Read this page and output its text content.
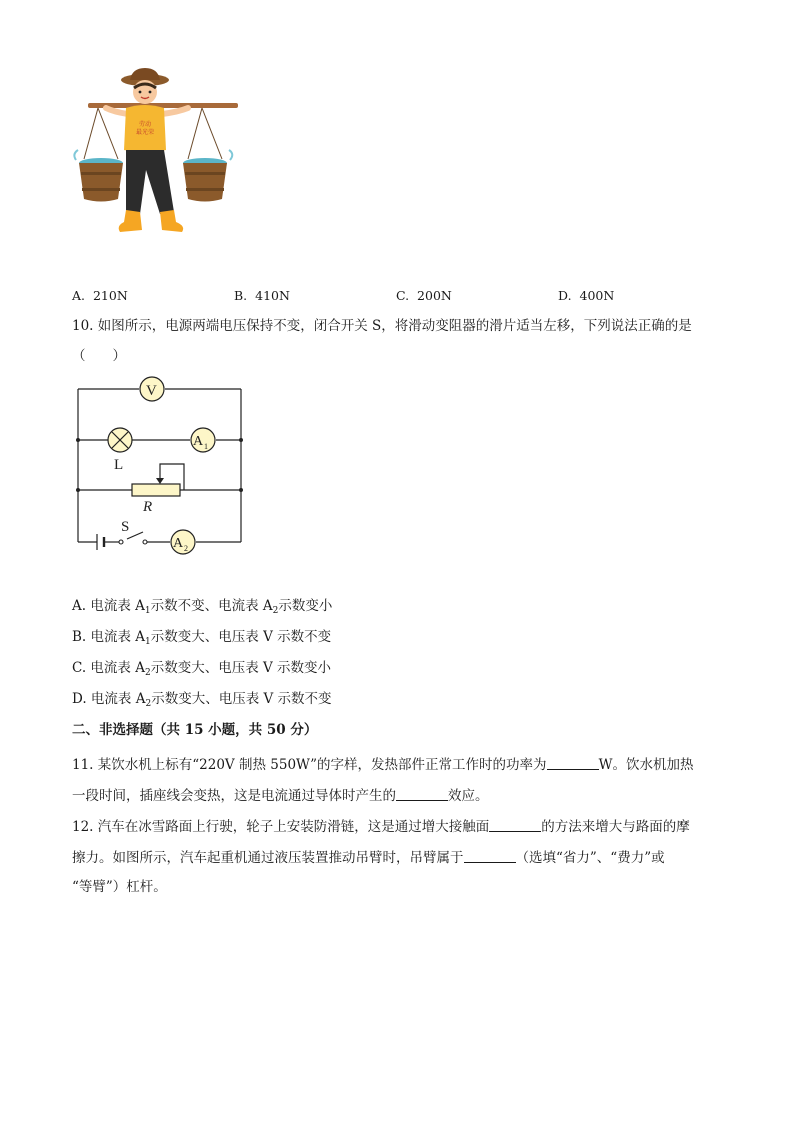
劳动
最光荣
A. 210N	B. 410N	C. 200N	D. 400N
10. 如图所示，电源两端电压保持不变，闭合开关 S，将滑动变阻器的滑片适当左移，下列说法正确的是
（　　）
V
L
A 1
R
S
A 2
A. 电流表 $A_1$示数不变、电流表 $A_2$示数变小
B. 电流表 $A_1$示数变大、电压表 V 示数不变
C. 电流表 $A_2$示数变大、电压表 V 示数变小
D. 电流表 $A_2$示数变大、电压表 V 示数不变
二、非选择题（共 15 小题，共 50 分）
11. 某饮水机上标有“220V 制热 550W”的字样，发热部件正常工作时的功率为	W。饮水机加热
一段时间，插座线会变热，这是电流通过导体时产生的	效应。
12. 汽车在冰雪路面上行驶，轮子上安装防滑链，这是通过增大接触面	的方法来增大与路面的摩
擦力。如图所示，汽车起重机通过液压装置推动吊臂时，吊臂属于	（选填“省力”、“费力”或
“等臂”）杠杆。
